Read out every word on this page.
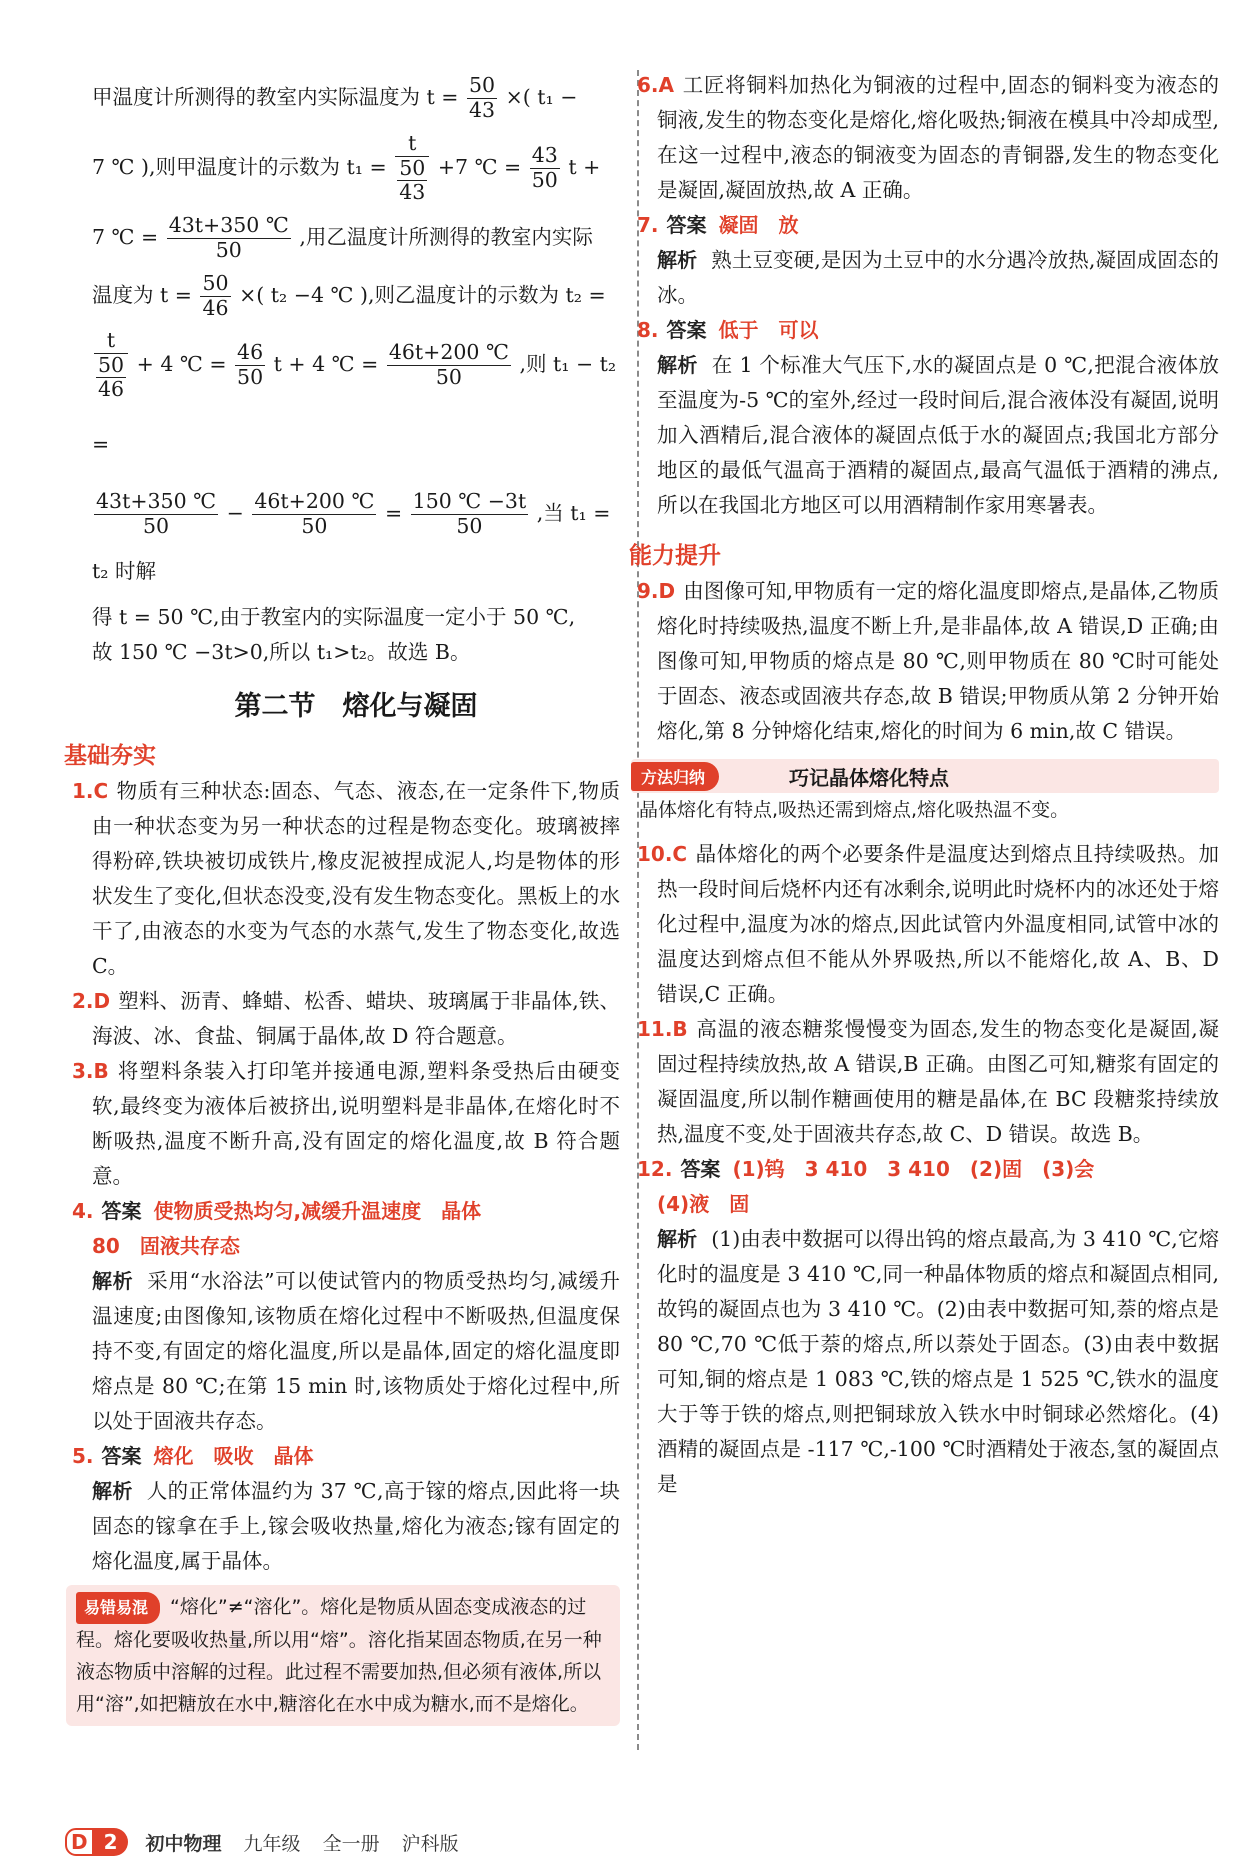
甲温度计所测得的教室内实际温度为 $t = \frac{50}{43}$ ×( t₁ −

7 ℃ ),则甲温度计的示数为 $t_1 = \frac{t}{\frac{50}{43}} +7$ ℃ = $\frac{43}{50}$ t +

7 ℃ = $\frac{43t+350 ℃}{50}$ ,用乙温度计所测得的教室内实际

温度为 $t = \frac{50}{46}$ ×( t₂ −4 ℃ ),则乙温度计的示数为 t₂ =

$\frac{t}{\frac{50}{46}} + 4$ ℃ = $\frac{46}{50}$ t + 4 ℃ = $\frac{46t+200 ℃}{50}$ ,则 t₁ − t₂ =

$\frac{43t+350 ℃}{50} - \frac{46t+200 ℃}{50} = \frac{150 ℃ -3t}{50}$ ,当 t₁ = t₂ 时解

得 t = 50 ℃,由于教室内的实际温度一定小于 50 ℃,

故 150 ℃ −3t>0,所以 t₁>t₂。故选 B。

第二节　熔化与凝固
基础夯实

1.C 物质有三种状态:固态、气态、液态,在一定条件下,物质由一种状态变为另一种状态的过程是物态变化。玻璃被摔得粉碎,铁块被切成铁片,橡皮泥被捏成泥人,均是物体的形状发生了变化,但状态没变,没有发生物态变化。黑板上的水干了,由液态的水变为气态的水蒸气,发生了物态变化,故选 C。

2.D 塑料、沥青、蜂蜡、松香、蜡块、玻璃属于非晶体,铁、海波、冰、食盐、铜属于晶体,故 D 符合题意。

3.B 将塑料条装入打印笔并接通电源,塑料条受热后由硬变软,最终变为液体后被挤出,说明塑料是非晶体,在熔化时不断吸热,温度不断升高,没有固定的熔化温度,故 B 符合题意。

4. 答案 使物质受热均匀,减缓升温速度　晶体
80　固液共存态

解析 采用“水浴法”可以使试管内的物质受热均匀,减缓升温速度;由图像知,该物质在熔化过程中不断吸热,但温度保持不变,有固定的熔化温度,所以是晶体,固定的熔化温度即熔点是 80 ℃;在第 15 min 时,该物质处于熔化过程中,所以处于固液共存态。

5. 答案 熔化　吸收　晶体

解析 人的正常体温约为 37 ℃,高于镓的熔点,因此将一块固态的镓拿在手上,镓会吸收热量,熔化为液态;镓有固定的熔化温度,属于晶体。

易错易混 “熔化”≠“溶化”。熔化是物质从固态变成液态的过程。熔化要吸收热量,所以用“熔”。溶化指某固态物质,在另一种液态物质中溶解的过程。此过程不需要加热,但必须有液体,所以用“溶”,如把糖放在水中,糖溶化在水中成为糖水,而不是熔化。

6.A 工匠将铜料加热化为铜液的过程中,固态的铜料变为液态的铜液,发生的物态变化是熔化,熔化吸热;铜液在模具中冷却成型,在这一过程中,液态的铜液变为固态的青铜器,发生的物态变化是凝固,凝固放热,故 A 正确。

7. 答案 凝固　放

解析 熟土豆变硬,是因为土豆中的水分遇冷放热,凝固成固态的冰。

8. 答案 低于　可以

解析 在 1 个标准大气压下,水的凝固点是 0 ℃,把混合液体放至温度为-5 ℃的室外,经过一段时间后,混合液体没有凝固,说明加入酒精后,混合液体的凝固点低于水的凝固点;我国北方部分地区的最低气温高于酒精的凝固点,最高气温低于酒精的沸点,所以在我国北方地区可以用酒精制作家用寒暑表。

能力提升

9.D 由图像可知,甲物质有一定的熔化温度即熔点,是晶体,乙物质熔化时持续吸热,温度不断上升,是非晶体,故 A 错误,D 正确;由图像可知,甲物质的熔点是 80 ℃,则甲物质在 80 ℃时可能处于固态、液态或固液共存态,故 B 错误;甲物质从第 2 分钟开始熔化,第 8 分钟熔化结束,熔化的时间为 6 min,故 C 错误。

方法归纳	巧记晶体熔化特点
晶体熔化有特点,吸热还需到熔点,熔化吸热温不变。

10.C 晶体熔化的两个必要条件是温度达到熔点且持续吸热。加热一段时间后烧杯内还有冰剩余,说明此时烧杯内的冰还处于熔化过程中,温度为冰的熔点,因此试管内外温度相同,试管中冰的温度达到熔点但不能从外界吸热,所以不能熔化,故 A、B、D 错误,C 正确。

11.B 高温的液态糖浆慢慢变为固态,发生的物态变化是凝固,凝固过程持续放热,故 A 错误,B 正确。由图乙可知,糖浆有固定的凝固温度,所以制作糖画使用的糖是晶体,在 BC 段糖浆持续放热,温度不变,处于固液共存态,故 C、D 错误。故选 B。

12. 答案 (1)钨　3 410　3 410　(2)固　(3)会
(4)液　固

解析 (1)由表中数据可以得出钨的熔点最高,为 3 410 ℃,它熔化时的温度是 3 410 ℃,同一种晶体物质的熔点和凝固点相同,故钨的凝固点也为 3 410 ℃。(2)由表中数据可知,萘的熔点是 80 ℃,70 ℃低于萘的熔点,所以萘处于固态。(3)由表中数据可知,铜的熔点是 1 083 ℃,铁的熔点是 1 525 ℃,铁水的温度大于等于铁的熔点,则把铜球放入铁水中时铜球必然熔化。(4)酒精的凝固点是 -117 ℃,-100 ℃时酒精处于液态,氢的凝固点是

D 2	初中物理 九年级 全一册 沪科版
